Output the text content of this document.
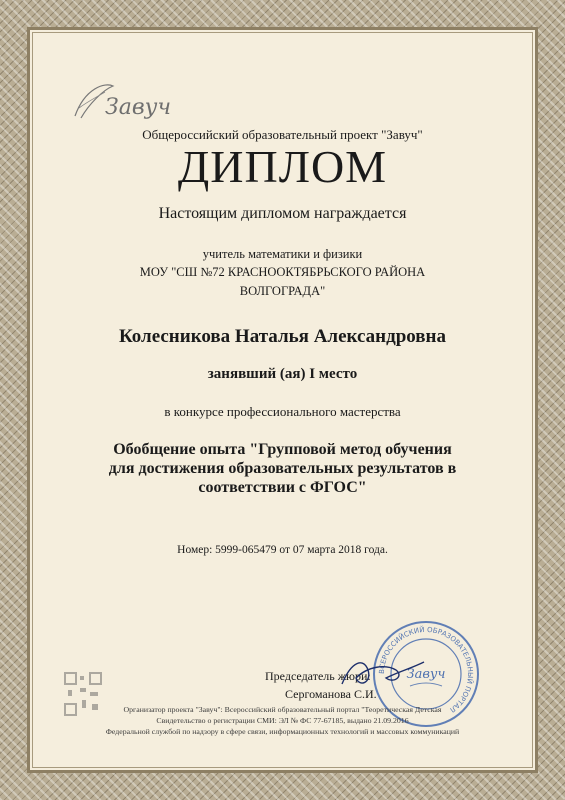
Завуч
Общероссийский образовательный проект "Завуч"
ДИПЛОМ
Настоящим дипломом награждается
учитель математики и физики
МОУ "СШ №72 КРАСНООКТЯБРЬСКОГО РАЙОНА
ВОЛГОГРАДА"
Колесникова Наталья Александровна
занявший (ая) I место
в конкурсе профессионального мастерства
Обобщение опыта "Групповой метод обучения
для достижения образовательных результатов в
соответствии с ФГОС"
Номер: 5999-065479 от 07 марта 2018 года.
Председатель жюри:
Сергоманова С.И.
ВСЕРОССИЙСКИЙ ОБРАЗОВАТЕЛЬНЫЙ ПОРТАЛ
Завуч
Организатор проекта "Завуч": Всероссийский образовательный портал "Теоретическая Детская
Свидетельство о регистрации СМИ: ЭЛ № ФС 77-67185, выдано 21.09.2016
Федеральной службой по надзору в сфере связи, информационных технологий и массовых коммуникаций
